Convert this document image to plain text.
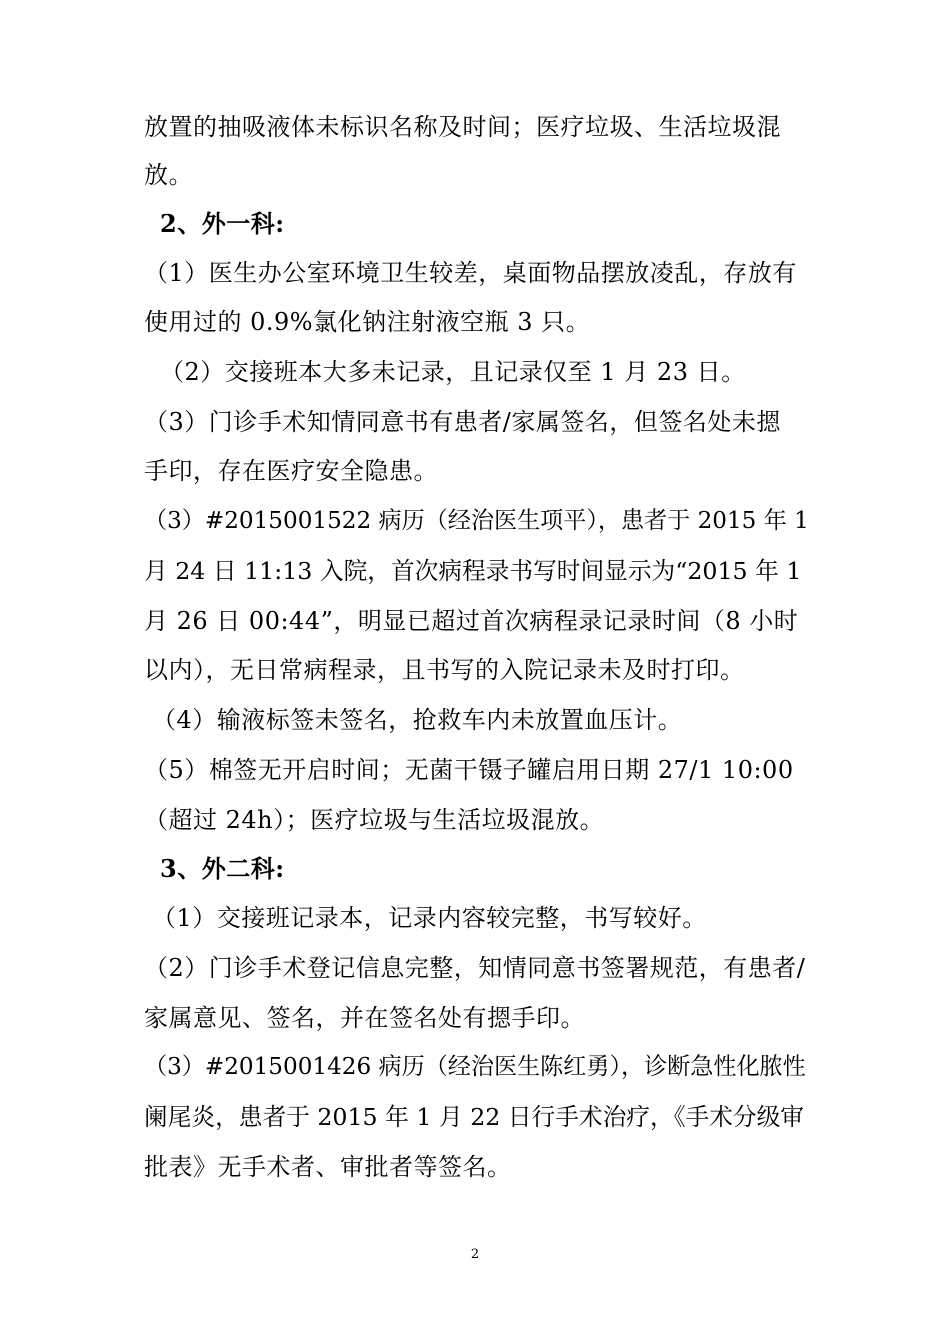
放置的抽吸液体未标识名称及时间；医疗垃圾、生活垃圾混
放。
2、外一科:
（1）医生办公室环境卫生较差，桌面物品摆放凌乱，存放有
使用过的 0.9%氯化钠注射液空瓶 3 只。
（2）交接班本大多未记录，且记录仅至 1 月 23 日。
（3）门诊手术知情同意书有患者/家属签名，但签名处未摁
手印，存在医疗安全隐患。
（3）#2015001522 病历（经治医生项平），患者于 2015 年 1
月 24 日 11:13 入院，首次病程录书写时间显示为“2015 年 1
月 26 日 00:44”，明显已超过首次病程录记录时间（8 小时
以内），无日常病程录，且书写的入院记录未及时打印。
（4）输液标签未签名，抢救车内未放置血压计。
（5）棉签无开启时间；无菌干镊子罐启用日期 27/1 10:00
（超过 24h）；医疗垃圾与生活垃圾混放。
3、外二科:
（1）交接班记录本，记录内容较完整，书写较好。
（2）门诊手术登记信息完整，知情同意书签署规范，有患者/
家属意见、签名，并在签名处有摁手印。
（3）#2015001426 病历（经治医生陈红勇），诊断急性化脓性
阑尾炎，患者于 2015 年 1 月 22 日行手术治疗，《手术分级审
批表》无手术者、审批者等签名。
2
